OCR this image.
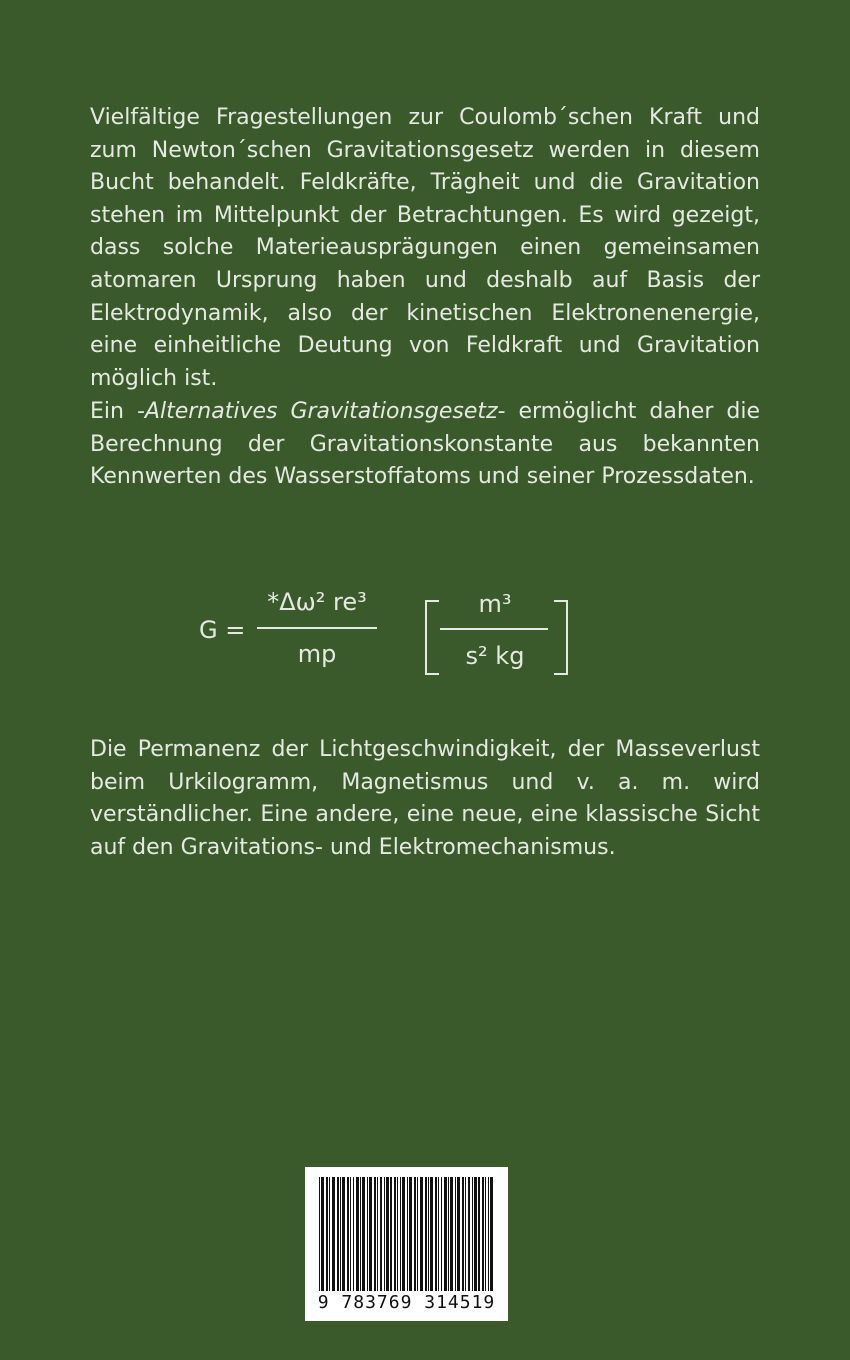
Vielfältige Fragestellungen zur Coulomb´schen Kraft und zum Newton´schen Gravitationsgesetz werden in diesem Bucht behandelt. Feldkräfte, Trägheit und die Gravitation stehen im Mittelpunkt der Betrachtungen. Es wird gezeigt, dass solche Materieausprägungen einen gemeinsamen atomaren Ursprung haben und deshalb auf Basis der Elektrodynamik, also der kinetischen Elektronenenergie, eine einheitliche Deutung von Feldkraft und Gravitation möglich ist.

Ein -Alternatives Gravitationsgesetz- ermöglicht daher die Berechnung der Gravitationskonstante aus bekannten Kennwerten des Wasserstoffatoms und seiner Prozessdaten.

G =
*Δω² re³
mp
m³
s² kg

Die Permanenz der Lichtgeschwindigkeit, der Masseverlust beim Urkilogramm, Magnetismus und v. a. m. wird verständlicher. Eine andere, eine neue, eine klassische Sicht auf den Gravitations- und Elektromechanismus.

9 783769 314519
